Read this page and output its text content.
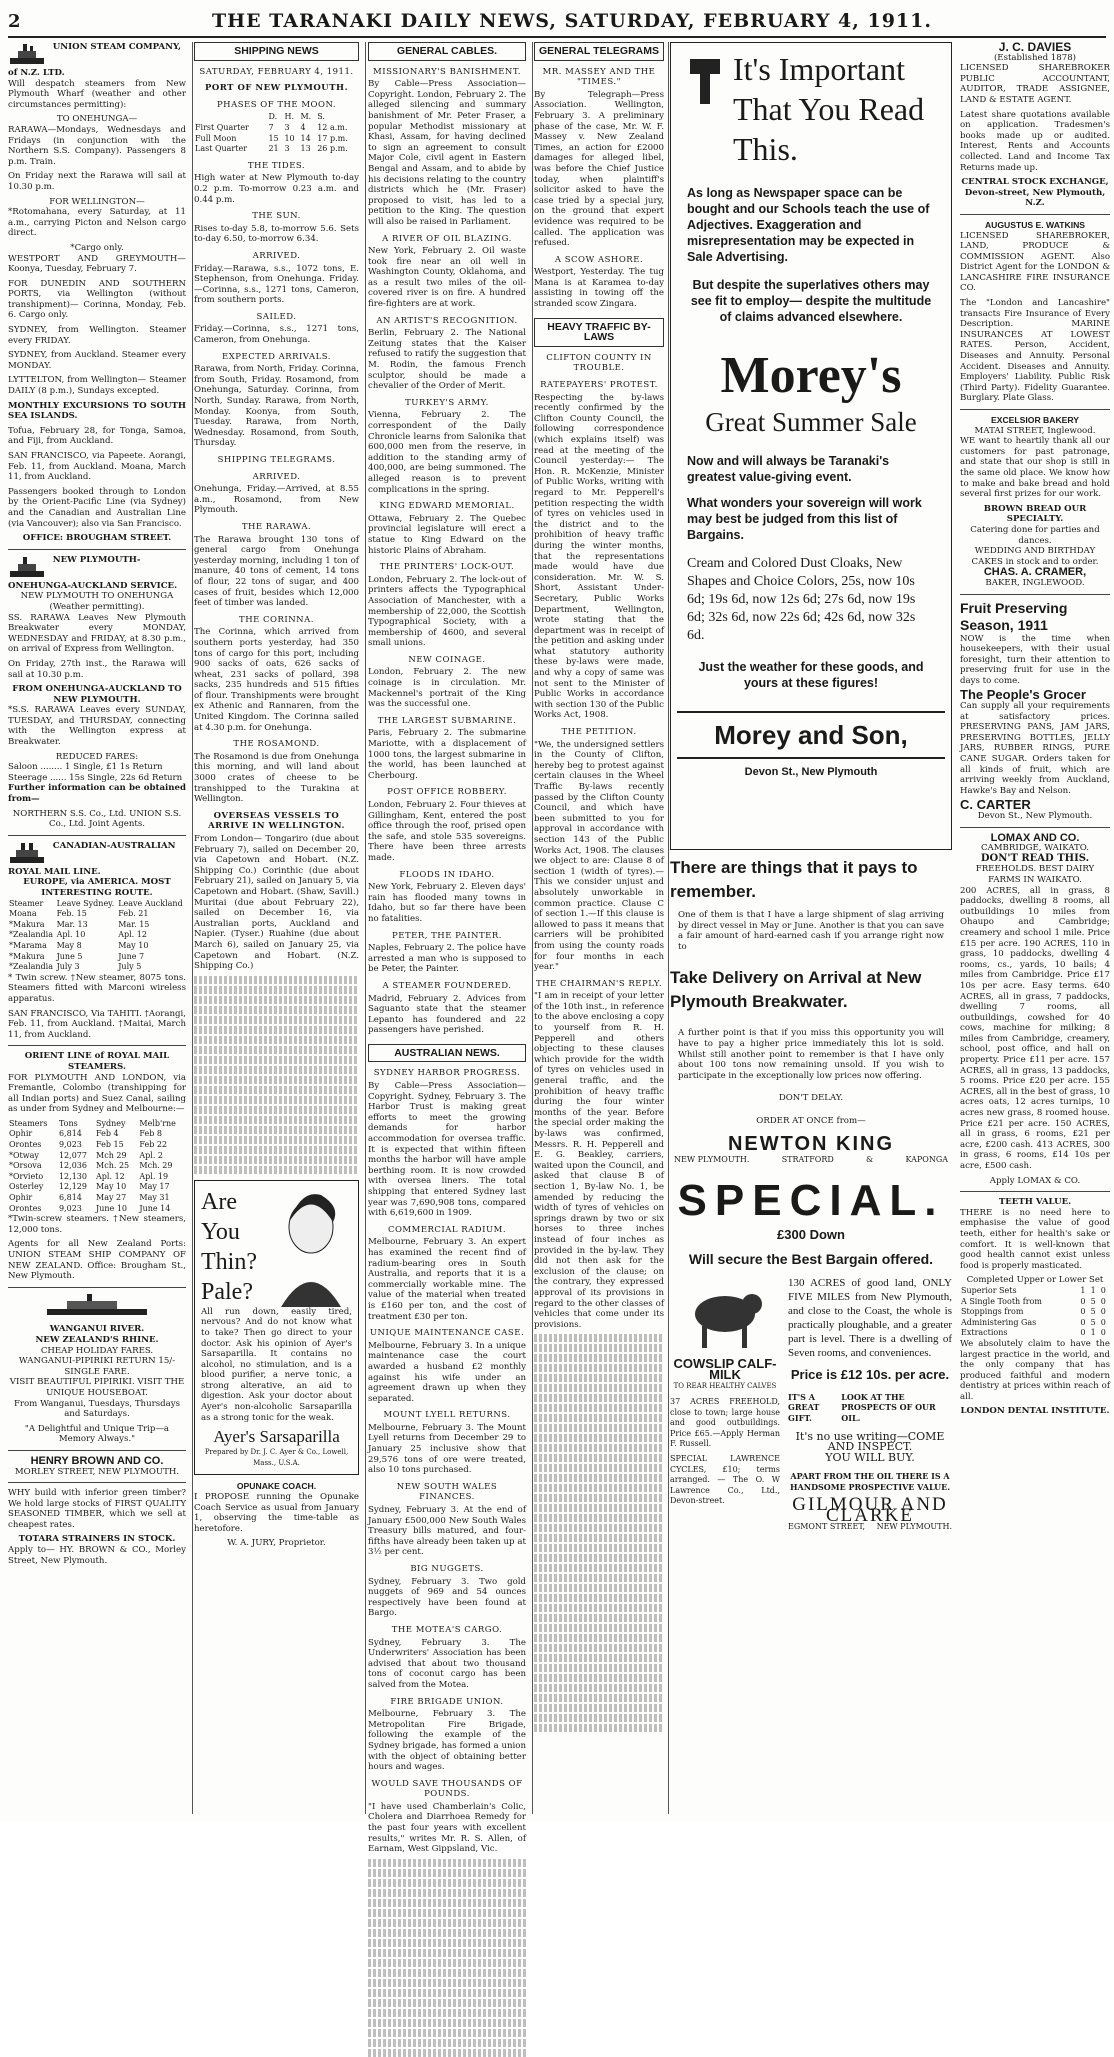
2	THE TARANAKI DAILY NEWS, SATURDAY, FEBRUARY 4, 1911.
UNION STEAM COMPANY, of N.Z. LTD.
Will despatch steamers from New Plymouth Wharf (weather and other circumstances permitting):
TO ONEHUNGA—
RARAWA—Mondays, Wednesdays and Fridays (in conjunction with the Northern S.S. Company). Passengers 8 p.m. Train.
On Friday next the Rarawa will sail at 10.30 p.m.
FOR WELLINGTON—
*Rotomahana, every Saturday, at 11 a.m., carrying Picton and Nelson cargo direct.
*Cargo only.
WESTPORT AND GREYMOUTH— Koonya, Tuesday, February 7.
FOR DUNEDIN AND SOUTHERN PORTS, via Wellington (without transhipment)— Corinna, Monday, Feb. 6. Cargo only.
SYDNEY, from Wellington. Steamer every FRIDAY.
SYDNEY, from Auckland. Steamer every MONDAY.
LYTTELTON, from Wellington— Steamer DAILY (8 p.m.), Sundays excepted.
MONTHLY EXCURSIONS TO SOUTH SEA ISLANDS.
Tofua, February 28, for Tonga, Samoa, and Fiji, from Auckland.
SAN FRANCISCO, via Papeete. Aorangi, Feb. 11, from Auckland. Moana, March 11, from Auckland.
Passengers booked through to London by the Orient-Pacific Line (via Sydney) and the Canadian and Australian Line (via Vancouver); also via San Francisco.
OFFICE: BROUGHAM STREET.
NEW PLYMOUTH-ONEHUNGA-AUCKLAND SERVICE.
NEW PLYMOUTH TO ONEHUNGA (Weather permitting).
SS. RARAWA Leaves New Plymouth Breakwater every MONDAY, WEDNESDAY and FRIDAY, at 8.30 p.m., on arrival of Express from Wellington.
On Friday, 27th inst., the Rarawa will sail at 10.30 p.m.
FROM ONEHUNGA-AUCKLAND TO NEW PLYMOUTH.
*S.S. RARAWA Leaves every SUNDAY, TUESDAY, and THURSDAY, connecting with the Wellington express at Breakwater.
REDUCED FARES:
Saloon ........ 1 Single, £1 1s Return
Steerage ...... 15s Single, 22s 6d Return
Further information can be obtained from—
NORTHERN S.S. Co., Ltd. UNION S.S. Co., Ltd. Joint Agents.
CANADIAN-AUSTRALIAN ROYAL MAIL LINE.
EUROPE, via AMERICA. MOST INTERESTING ROUTE.
Steamer	Leave Sydney.	Leave Auckland
Moana	Feb. 15	Feb. 21
*Makura	Mar. 13	Mar. 15
*Zealandia	Apl. 10	Apl. 12
*Marama	May 8	May 10
*Makura	June 5	June 7
*Zealandia	July 3	July 5
* Twin screw. †New steamer, 8075 tons. Steamers fitted with Marconi wireless apparatus.
SAN FRANCISCO, Via TAHITI. †Aorangi, Feb. 11, from Auckland. †Maitai, March 11, from Auckland.
ORIENT LINE of ROYAL MAIL STEAMERS.
FOR PLYMOUTH AND LONDON, via Fremantle, Colombo (transhipping for all Indian ports) and Suez Canal, sailing as under from Sydney and Melbourne:—
Steamers	Tons	Sydney	Melb'rne
Ophir	6,814	Feb 4	Feb 8
Orontes	9,023	Feb 15	Feb 22
*Otway	12,077	Mch 29	Apl. 2
*Orsova	12,036	Mch. 25	Mch. 29
*Orvieto	12,130	Apl. 12	Apl. 19
Osterley	12,129	May 10	May 17
Ophir	6,814	May 27	May 31
Orontes	9,023	June 10	June 14
*Twin-screw steamers. †New steamers, 12,000 tons.
Agents for all New Zealand Ports: UNION STEAM SHIP COMPANY OF NEW ZEALAND. Office: Brougham St., New Plymouth.
WANGANUI RIVER.
NEW ZEALAND'S RHINE.
CHEAP HOLIDAY FARES.
WANGANUI-PIPIRIKI RETURN 15/- SINGLE FARE.
VISIT BEAUTIFUL PIPIRIKI. VISIT THE UNIQUE HOUSEBOAT.
From Wanganui, Tuesdays, Thursdays and Saturdays.
"A Delightful and Unique Trip—a Memory Always."
HENRY BROWN AND CO.
MORLEY STREET, NEW PLYMOUTH.
WHY build with inferior green timber? We hold large stocks of FIRST QUALITY SEASONED TIMBER, which we sell at cheapest rates.
TOTARA STRAINERS IN STOCK.
Apply to— HY. BROWN & CO., Morley Street, New Plymouth.
SHIPPING NEWS
SATURDAY, FEBRUARY 4, 1911.
PORT OF NEW PLYMOUTH.
PHASES OF THE MOON.
	D.	H.	M.	S.
First Quarter	7	3	4	12 a.m.
Full Moon	15	10	14	17 p.m.
Last Quarter	21	3	13	26 p.m.
THE TIDES.
High water at New Plymouth to-day 0.2 p.m. To-morrow 0.23 a.m. and 0.44 p.m.
THE SUN.
Rises to-day 5.8, to-morrow 5.6. Sets to-day 6.50, to-morrow 6.34.
ARRIVED.
Friday.—Rarawa, s.s., 1072 tons, E. Stephenson, from Onehunga. Friday.—Corinna, s.s., 1271 tons, Cameron, from southern ports.
SAILED.
Friday.—Corinna, s.s., 1271 tons, Cameron, from Onehunga.
EXPECTED ARRIVALS.
Rarawa, from North, Friday. Corinna, from South, Friday. Rosamond, from Onehunga, Saturday. Corinna, from North, Sunday. Rarawa, from North, Monday. Koonya, from South, Tuesday. Rarawa, from North, Wednesday. Rosamond, from South, Thursday.
SHIPPING TELEGRAMS.
ARRIVED.
Onehunga, Friday.—Arrived, at 8.55 a.m., Rosamond, from New Plymouth.
THE RARAWA.
The Rarawa brought 130 tons of general cargo from Onehunga yesterday morning, including 1 ton of manure, 40 tons of cement, 14 tons of flour, 22 tons of sugar, and 400 cases of fruit, besides which 12,000 feet of timber was landed.
THE CORINNA.
The Corinna, which arrived from southern ports yesterday, had 350 tons of cargo for this port, including 900 sacks of oats, 626 sacks of wheat, 231 sacks of pollard, 398 sacks, 235 hundreds and 515 fifties of flour. Transhipments were brought ex Athenic and Rannaren, from the United Kingdom. The Corinna sailed at 4.30 p.m. for Onehunga.
THE ROSAMOND.
The Rosamond is due from Onehunga this morning, and will land about 3000 crates of cheese to be transhipped to the Turakina at Wellington.
OVERSEAS VESSELS TO ARRIVE IN WELLINGTON.
From London— Tongariro (due about February 7), sailed on December 20, via Capetown and Hobart. (N.Z. Shipping Co.) Corinthic (due about February 21), sailed on January 5, via Capetown and Hobart. (Shaw, Savill.) Muritai (due about February 22), sailed on December 16, via Australian ports, Auckland and Napier. (Tyser.) Ruahine (due about March 6), sailed on January 25, via Capetown and Hobart. (N.Z. Shipping Co.)
Are
You
Thin?
Pale?
All run down, easily tired, nervous? And do not know what to take? Then go direct to your doctor. Ask his opinion of Ayer's Sarsaparilla. It contains no alcohol, no stimulation, and is a blood purifier, a nerve tonic, a strong alterative, an aid to digestion. Ask your doctor about Ayer's non-alcoholic Sarsaparilla as a strong tonic for the weak.
Ayer's Sarsaparilla
Prepared by Dr. J. C. Ayer & Co., Lowell, Mass., U.S.A.
OPUNAKE COACH.
I PROPOSE running the Opunake Coach Service as usual from January 1, observing the time-table as heretofore.
W. A. JURY, Proprietor.
GENERAL CABLES.
MISSIONARY'S BANISHMENT.
By Cable—Press Association—Copyright. London, February 2. The alleged silencing and summary banishment of Mr. Peter Fraser, a popular Methodist missionary at Khasi, Assam, for having declined to sign an agreement to consult Major Cole, civil agent in Eastern Bengal and Assam, and to abide by his decisions relating to the country districts which he (Mr. Fraser) proposed to visit, has led to a petition to the King. The question will also be raised in Parliament.
A RIVER OF OIL BLAZING.
New York, February 2. Oil waste took fire near an oil well in Washington County, Oklahoma, and as a result two miles of the oil-covered river is on fire. A hundred fire-fighters are at work.
AN ARTIST'S RECOGNITION.
Berlin, February 2. The National Zeitung states that the Kaiser refused to ratify the suggestion that M. Rodin, the famous French sculptor, should be made a chevalier of the Order of Merit.
TURKEY'S ARMY.
Vienna, February 2. The correspondent of the Daily Chronicle learns from Salonika that 600,000 men from the reserve, in addition to the standing army of 400,000, are being summoned. The alleged reason is to prevent complications in the spring.
KING EDWARD MEMORIAL.
Ottawa, February 2. The Quebec provincial legislature will erect a statue to King Edward on the historic Plains of Abraham.
THE PRINTERS' LOCK-OUT.
London, February 2. The lock-out of printers affects the Typographical Association of Manchester, with a membership of 22,000, the Scottish Typographical Society, with a membership of 4600, and several small unions.
NEW COINAGE.
London, February 2. The new coinage is in circulation. Mr. Mackennel's portrait of the King was the successful one.
THE LARGEST SUBMARINE.
Paris, February 2. The submarine Mariotte, with a displacement of 1000 tons, the largest submarine in the world, has been launched at Cherbourg.
POST OFFICE ROBBERY.
London, February 2. Four thieves at Gillingham, Kent, entered the post office through the roof, prised open the safe, and stole 535 sovereigns. There have been three arrests made.
FLOODS IN IDAHO.
New York, February 2. Eleven days' rain has flooded many towns in Idaho, but so far there have been no fatalities.
PETER, THE PAINTER.
Naples, February 2. The police have arrested a man who is supposed to be Peter, the Painter.
A STEAMER FOUNDERED.
Madrid, February 2. Advices from Saguanto state that the steamer Lepanto has foundered and 22 passengers have perished.
AUSTRALIAN NEWS.
SYDNEY HARBOR PROGRESS.
By Cable—Press Association—Copyright. Sydney, February 3. The Harbor Trust is making great efforts to meet the growing demands for harbor accommodation for oversea traffic. It is expected that within fifteen months the harbor will have ample berthing room. It is now crowded with oversea liners. The total shipping that entered Sydney last year was 7,690,908 tons, compared with 6,619,600 in 1909.
COMMERCIAL RADIUM.
Melbourne, February 3. An expert has examined the recent find of radium-bearing ores in South Australia, and reports that it is a commercially workable mine. The value of the material when treated is £160 per ton, and the cost of treatment £30 per ton.
UNIQUE MAINTENANCE CASE.
Melbourne, February 3. In a unique maintenance case the court awarded a husband £2 monthly against his wife under an agreement drawn up when they separated.
MOUNT LYELL RETURNS.
Melbourne, February 3. The Mount Lyell returns from December 29 to January 25 inclusive show that 29,576 tons of ore were treated, also 10 tons purchased.
NEW SOUTH WALES FINANCES.
Sydney, February 3. At the end of January £500,000 New South Wales Treasury bills matured, and four-fifths have already been taken up at 3½ per cent.
BIG NUGGETS.
Sydney, February 3. Two gold nuggets of 969 and 54 ounces respectively have been found at Bargo.
THE MOTEA'S CARGO.
Sydney, February 3. The Underwriters' Association has been advised that about two thousand tons of coconut cargo has been salved from the Motea.
FIRE BRIGADE UNION.
Melbourne, February 3. The Metropolitan Fire Brigade, following the example of the Sydney brigade, has formed a union with the object of obtaining better hours and wages.
WOULD SAVE THOUSANDS OF POUNDS.
"I have used Chamberlain's Colic, Cholera and Diarrhoea Remedy for the past four years with excellent results," writes Mr. R. S. Allen, of Earnam, West Gippsland, Vic.
GENERAL TELEGRAMS
MR. MASSEY AND THE "TIMES."
By Telegraph—Press Association. Wellington, February 3. A preliminary phase of the case, Mr. W. F. Massey v. New Zealand Times, an action for £2000 damages for alleged libel, was before the Chief Justice today, when plaintiff's solicitor asked to have the case tried by a special jury, on the ground that expert evidence was required to be called. The application was refused.
A SCOW ASHORE.
Westport, Yesterday. The tug Mana is at Karamea to-day assisting in towing off the stranded scow Zingara.
HEAVY TRAFFIC BY-LAWS
CLIFTON COUNTY IN TROUBLE.
RATEPAYERS' PROTEST.
Respecting the by-laws recently confirmed by the Clifton County Council, the following correspondence (which explains itself) was read at the meeting of the Council yesterday:— The Hon. R. McKenzie, Minister of Public Works, writing with regard to Mr. Pepperell's petition respecting the width of tyres on vehicles used in the district and to the prohibition of heavy traffic during the winter months, that the representations made would have due consideration. Mr. W. S. Short, Assistant Under-Secretary, Public Works Department, Wellington, wrote stating that the department was in receipt of the petition and asking under what statutory authority these by-laws were made, and why a copy of same was not sent to the Minister of Public Works in accordance with section 130 of the Public Works Act, 1908.
THE PETITION.
"We, the undersigned settlers in the County of Clifton, hereby beg to protest against certain clauses in the Wheel Traffic By-laws recently passed by the Clifton County Council, and which have been submitted to you for approval in accordance with section 143 of the Public Works Act, 1908. The clauses we object to are: Clause 8 of section 1 (width of tyres).—This we consider unjust and absolutely unworkable in common practice. Clause C of section 1.—If this clause is allowed to pass it means that carriers will be prohibited from using the county roads for four months in each year."
THE CHAIRMAN'S REPLY.
"I am in receipt of your letter of the 10th inst., in reference to the above enclosing a copy to yourself from R. H. Pepperell and others objecting to these clauses which provide for the width of tyres on vehicles used in general traffic, and the prohibition of heavy traffic during the four winter months of the year. Before the special order making the by-laws was confirmed, Messrs. R. H. Pepperell and E. G. Beakley, carriers, waited upon the Council, and asked that clause B of section 1, By-law No. 1, be amended by reducing the width of tyres of vehicles on springs drawn by two or six horses to three inches instead of four inches as provided in the by-law. They did not then ask for the exclusion of the clause; on the contrary, they expressed approval of its provisions in regard to the other classes of vehicles that come under its provisions.
It's Important
That You Read
This.
As long as Newspaper space can be bought and our Schools teach the use of Adjectives. Exaggeration and misrepresentation may be expected in Sale Advertising.
But despite the superlatives others may see fit to employ— despite the multitude of claims advanced elsewhere.
Morey's
Great Summer Sale
Now and will always be Taranaki's greatest value-giving event.
What wonders your sovereign will work may best be judged from this list of Bargains.
Cream and Colored Dust Cloaks, New Shapes and Choice Colors, 25s, now 10s 6d; 19s 6d, now 12s 6d; 27s 6d, now 19s 6d; 32s 6d, now 22s 6d; 42s 6d, now 32s 6d.
Just the weather for these goods, and yours at these figures!
Morey and Son,
Devon St., New Plymouth
There are things that it pays to remember.
One of them is that I have a large shipment of slag arriving by direct vessel in May or June. Another is that you can save a fair amount of hard-earned cash if you arrange right now to
Take Delivery on Arrival at New Plymouth Breakwater.
A further point is that if you miss this opportunity you will have to pay a higher price immediately this lot is sold. Whilst still another point to remember is that I have only about 100 tons now remaining unsold. If you wish to participate in the exceptionally low prices now offering.
DON'T DELAY.
ORDER AT ONCE from—
NEWTON KING
NEW PLYMOUTH.	STRATFORD	&	KAPONGA
SPECIAL.
£300 Down
Will secure the Best Bargain offered.
COWSLIP CALF-MILK
TO REAR HEALTHY CALVES
37 ACRES FREEHOLD, close to town; large house and good outbuildings. Price £65.—Apply Herman F. Russell.
SPECIAL LAWRENCE CYCLES, £10; terms arranged. — The O. W Lawrence Co., Ltd., Devon-street.
130 ACRES of good land, ONLY FIVE MILES from New Plymouth, and close to the Coast, the whole is practically ploughable, and a greater part is level. There is a dwelling of Seven rooms, and conveniences.
Price is £12 10s. per acre.
IT'S A GREAT GIFT.
LOOK AT THE PROSPECTS OF OUR OIL.
It's no use writing—COME AND INSPECT.
YOU WILL BUY.
APART FROM THE OIL THERE IS A HANDSOME PROSPECTIVE VALUE.
GILMOUR AND CLARKE
EGMONT STREET, NEW PLYMOUTH.
J. C. DAVIES
(Established 1878)
LICENSED SHAREBROKER PUBLIC ACCOUNTANT, AUDITOR, TRADE ASSIGNEE, LAND & ESTATE AGENT.
Latest share quotations available on application. Tradesmen's books made up or audited. Interest, Rents and Accounts collected. Land and Income Tax Returns made up.
CENTRAL STOCK EXCHANGE, Devon-street, New Plymouth, N.Z.
AUGUSTUS E. WATKINS
LICENSED SHAREBROKER, LAND, PRODUCE & COMMISSION AGENT. Also District Agent for the LONDON & LANCASHIRE FIRE INSURANCE CO.
The "London and Lancashire" transacts Fire Insurance of Every Description. MARINE INSURANCES AT LOWEST RATES. Person, Accident, Diseases and Annuity. Personal Accident. Diseases and Annuity. Employers' Liability. Public Risk (Third Party). Fidelity Guarantee. Burglary. Plate Glass.
EXCELSIOR BAKERY
MATAI STREET, Inglewood.
WE want to heartily thank all our customers for past patronage, and state that our shop is still in the same old place. We know how to make and bake bread and hold several first prizes for our work.
BROWN BREAD OUR SPECIALTY.
Catering done for parties and dances.
WEDDING AND BIRTHDAY CAKES in stock and to order.
CHAS. A. CRAMER,
BAKER, INGLEWOOD.
Fruit Preserving Season, 1911
NOW is the time when housekeepers, with their usual foresight, turn their attention to preserving fruit for use in the days to come.
The People's Grocer
Can supply all your requirements at satisfactory prices. PRESERVING PANS, JAM JARS, PRESERVING BOTTLES, JELLY JARS, RUBBER RINGS, PURE CANE SUGAR. Orders taken for all kinds of fruit, which are arriving weekly from Auckland, Hawke's Bay and Nelson.
C. CARTER
Devon St., New Plymouth.
LOMAX AND CO.
CAMBRIDGE, WAIKATO.
DON'T READ THIS.
FREEHOLDS. BEST DAIRY FARMS IN WAIKATO.
200 ACRES, all in grass, 8 paddocks, dwelling 8 rooms, all outbuildings 10 miles from Ohaupo and Cambridge; creamery and school 1 mile. Price £15 per acre. 190 ACRES, 110 in grass, 10 paddocks, dwelling 4 rooms, cs., yards, 10 bails; 4 miles from Cambridge. Price £17 10s per acre. Easy terms. 640 ACRES, all in grass, 7 paddocks, dwelling 7 rooms, all outbuildings, cowshed for 40 cows, machine for milking; 8 miles from Cambridge, creamery, school, post office, and hall on property. Price £11 per acre. 157 ACRES, all in grass, 13 paddocks, 5 rooms. Price £20 per acre. 155 ACRES, all in the best of grass, 10 acres oats, 12 acres turnips, 10 acres new grass, 8 roomed house. Price £21 per acre. 150 ACRES, all in grass, 6 rooms, £21 per acre, £200 cash. 413 ACRES, 300 in grass, 6 rooms, £14 10s per acre, £500 cash.
Apply LOMAX & CO.
TEETH VALUE.
THERE is no need here to emphasise the value of good teeth, either for health's sake or comfort. It is well-known that good health cannot exist unless food is properly masticated.
Completed Upper or Lower Set
Superior Sets	1	1	0
A Single Tooth from	0	5	0
Stoppings from	0	5	0
Administering Gas	0	5	0
Extractions	0	1	0
We absolutely claim to have the largest practice in the world, and the only company that has produced faithful and modern dentistry at prices within reach of all.
LONDON DENTAL INSTITUTE.
